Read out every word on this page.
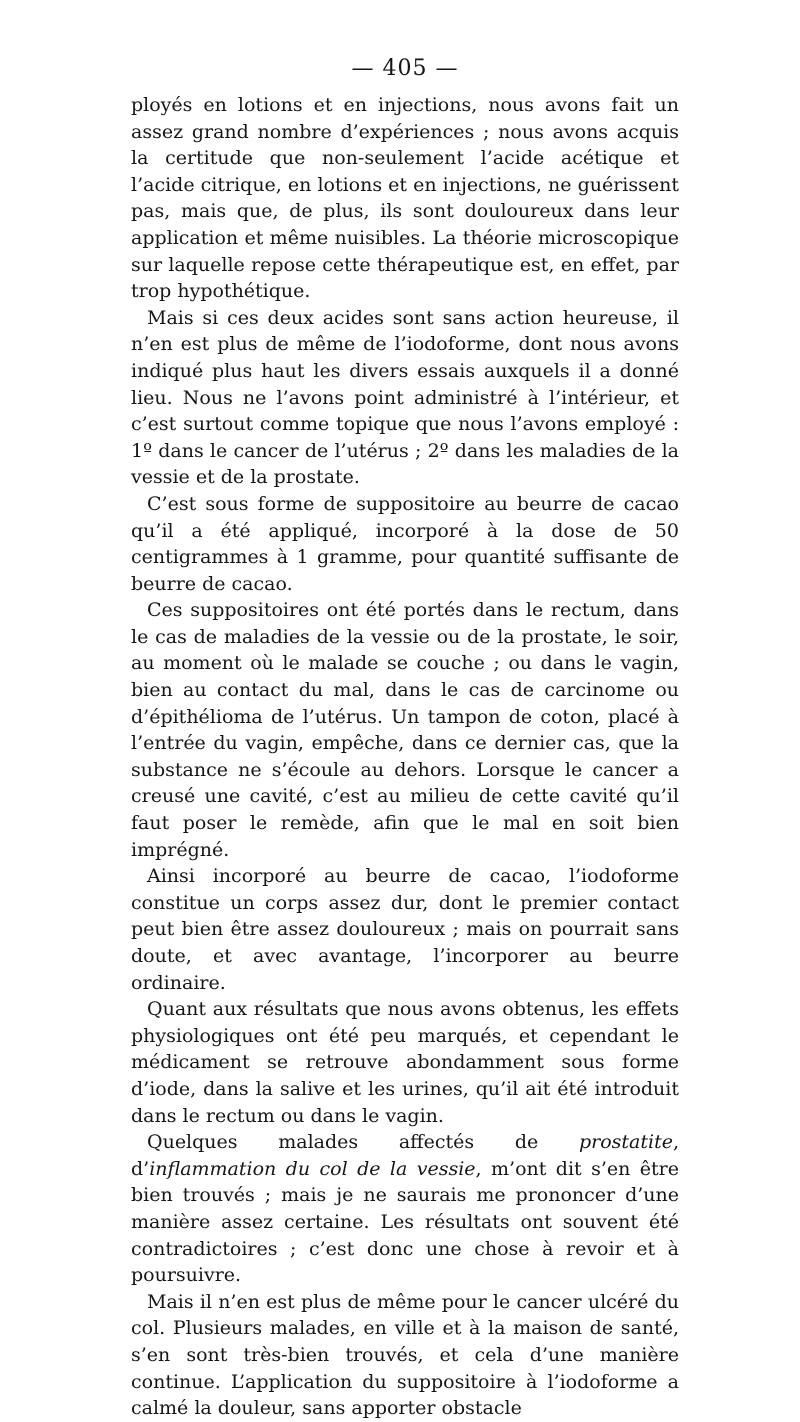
— 405 —

ployés en lotions et en injections, nous avons fait un assez grand nombre d’expériences ; nous avons acquis la certitude que non-seulement l’acide acétique et l’acide citrique, en lotions et en injections, ne guérissent pas, mais que, de plus, ils sont douloureux dans leur application et même nuisibles. La théorie microscopique sur laquelle repose cette thérapeutique est, en effet, par trop hypothétique.

Mais si ces deux acides sont sans action heureuse, il n’en est plus de même de l’iodoforme, dont nous avons indiqué plus haut les divers essais auxquels il a donné lieu. Nous ne l’avons point administré à l’intérieur, et c’est surtout comme topique que nous l’avons employé : 1º dans le cancer de l’utérus ; 2º dans les maladies de la vessie et de la prostate.

C’est sous forme de suppositoire au beurre de cacao qu’il a été appliqué, incorporé à la dose de 50 centigrammes à 1 gramme, pour quantité suffisante de beurre de cacao.

Ces suppositoires ont été portés dans le rectum, dans le cas de maladies de la vessie ou de la prostate, le soir, au moment où le malade se couche ; ou dans le vagin, bien au contact du mal, dans le cas de carcinome ou d’épithélioma de l’utérus. Un tampon de coton, placé à l’entrée du vagin, empêche, dans ce dernier cas, que la substance ne s’écoule au dehors. Lorsque le cancer a creusé une cavité, c’est au milieu de cette cavité qu’il faut poser le remède, afin que le mal en soit bien imprégné.

Ainsi incorporé au beurre de cacao, l’iodoforme constitue un corps assez dur, dont le premier contact peut bien être assez douloureux ; mais on pourrait sans doute, et avec avantage, l’incorporer au beurre ordinaire.

Quant aux résultats que nous avons obtenus, les effets physiologiques ont été peu marqués, et cependant le médicament se retrouve abondamment sous forme d’iode, dans la salive et les urines, qu’il ait été introduit dans le rectum ou dans le vagin.

Quelques malades affectés de prostatite, d’inflammation du col de la vessie, m’ont dit s’en être bien trouvés ; mais je ne saurais me prononcer d’une manière assez certaine. Les résultats ont souvent été contradictoires ; c’est donc une chose à revoir et à poursuivre.

Mais il n’en est plus de même pour le cancer ulcéré du col. Plusieurs malades, en ville et à la maison de santé, s’en sont très-bien trouvés, et cela d’une manière continue. L’application du suppositoire à l’iodoforme a calmé la douleur, sans apporter obstacle
